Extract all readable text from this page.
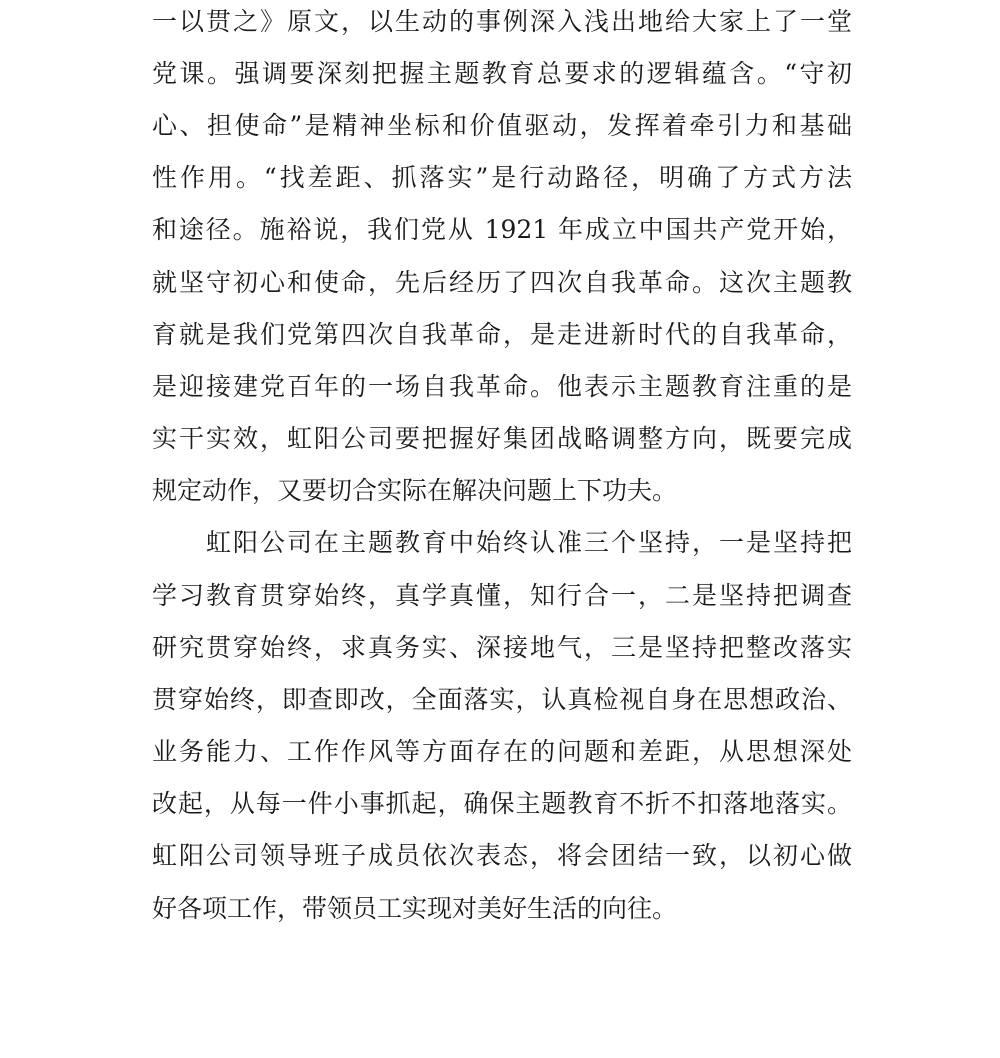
一以贯之》原文，以生动的事例深入浅出地给大家上了一堂
党课。强调要深刻把握主题教育总要求的逻辑蕴含。“守初
心、担使命”是精神坐标和价值驱动，发挥着牵引力和基础
性作用。“找差距、抓落实”是行动路径，明确了方式方法
和途径。施裕说，我们党从 1921 年成立中国共产党开始，
就坚守初心和使命，先后经历了四次自我革命。这次主题教
育就是我们党第四次自我革命，是走进新时代的自我革命，
是迎接建党百年的一场自我革命。他表示主题教育注重的是
实干实效，虹阳公司要把握好集团战略调整方向，既要完成
规定动作，又要切合实际在解决问题上下功夫。
虹阳公司在主题教育中始终认准三个坚持，一是坚持把
学习教育贯穿始终，真学真懂，知行合一，二是坚持把调查
研究贯穿始终，求真务实、深接地气，三是坚持把整改落实
贯穿始终，即查即改，全面落实，认真检视自身在思想政治、
业务能力、工作作风等方面存在的问题和差距，从思想深处
改起，从每一件小事抓起，确保主题教育不折不扣落地落实。
虹阳公司领导班子成员依次表态，将会团结一致，以初心做
好各项工作，带领员工实现对美好生活的向往。
